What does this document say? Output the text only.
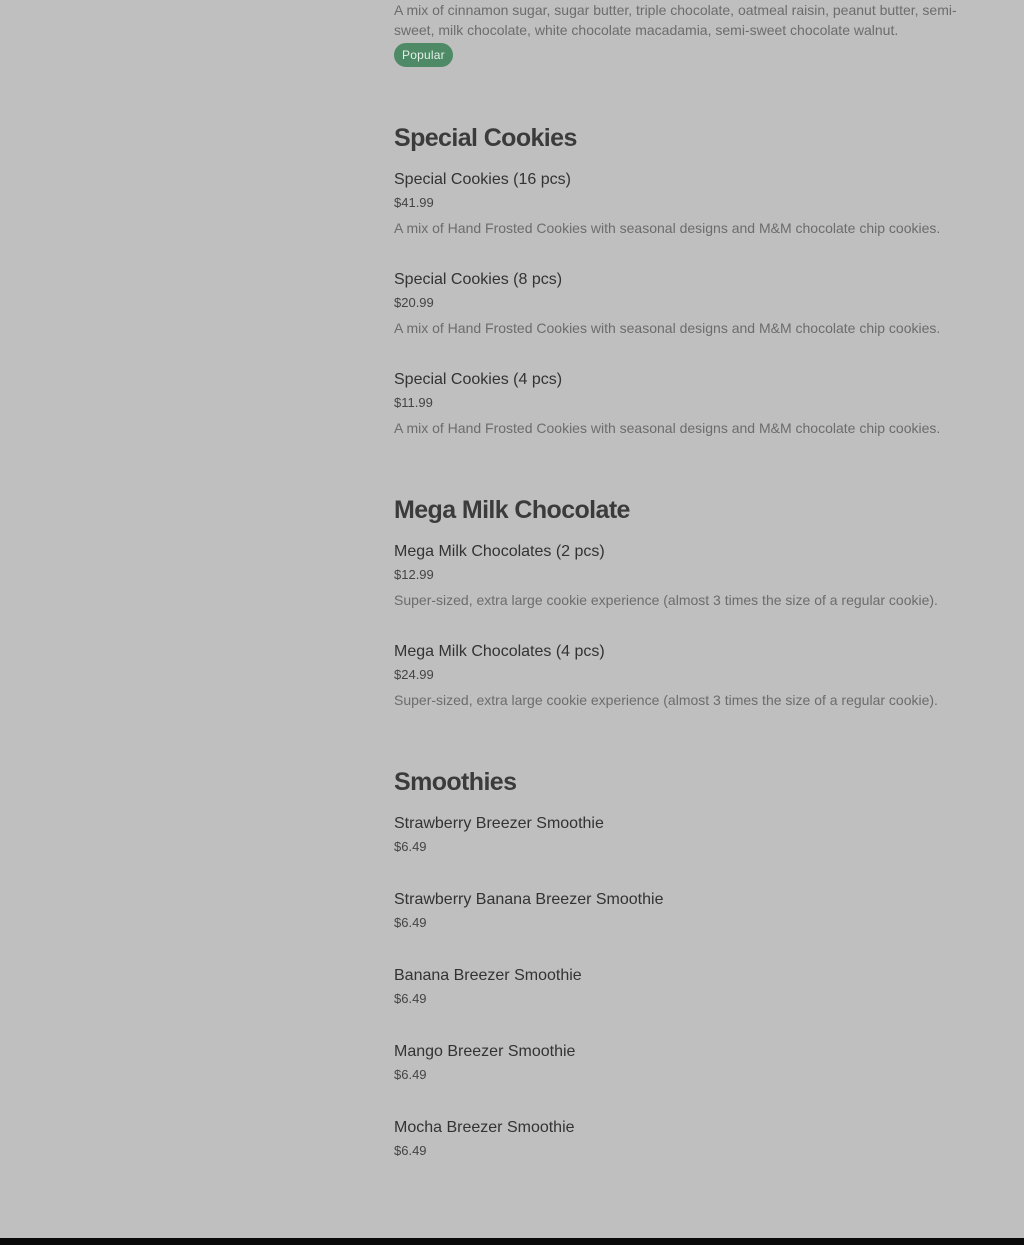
A mix of cinnamon sugar, sugar butter, triple chocolate, oatmeal raisin, peanut butter, semi-sweet, milk chocolate, white chocolate macadamia, semi-sweet chocolate walnut.
Popular
Special Cookies
Special Cookies (16 pcs)
$41.99
A mix of Hand Frosted Cookies with seasonal designs and M&M chocolate chip cookies.
Special Cookies (8 pcs)
$20.99
A mix of Hand Frosted Cookies with seasonal designs and M&M chocolate chip cookies.
Special Cookies (4 pcs)
$11.99
A mix of Hand Frosted Cookies with seasonal designs and M&M chocolate chip cookies.
Mega Milk Chocolate
Mega Milk Chocolates (2 pcs)
$12.99
Super-sized, extra large cookie experience (almost 3 times the size of a regular cookie).
Mega Milk Chocolates (4 pcs)
$24.99
Super-sized, extra large cookie experience (almost 3 times the size of a regular cookie).
Smoothies
Strawberry Breezer Smoothie
$6.49
Strawberry Banana Breezer Smoothie
$6.49
Banana Breezer Smoothie
$6.49
Mango Breezer Smoothie
$6.49
Mocha Breezer Smoothie
$6.49
